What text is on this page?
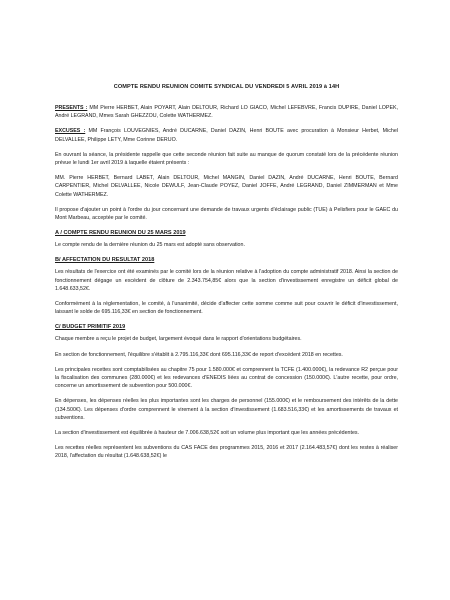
COMPTE RENDU REUNION COMITE SYNDICAL DU VENDREDI 5 AVRIL 2019 à 14H

PRESENTS : MM Pierre HERBET, Alain POYART, Alain DELTOUR, Richard LO GIACO, Michel LEFEBVRE, Francis DUPIRE, Daniel LOPEK, André LEGRAND, Mmes Sarah GHEZZOU, Colette WATHERMEZ.

EXCUSES : MM François LOUVEGNIES, André DUCARNE, Daniel DAZIN, Henri BOUTE avec procuration à Monsieur Herbet, Michel DELVALLEE, Philippe LETY, Mme Corinne DERUO.

En ouvrant la séance, la présidente rappelle que cette seconde réunion fait suite au manque de quorum constaté lors de la précédente réunion prévue le lundi 1er avril 2019 à laquelle étaient présents :

MM. Pierre HERBET, Bernard LABET, Alain DELTOUR, Michel MANGIN, Daniel DAZIN, André DUCARNE, Henri BOUTE, Bernard CARPENTIER, Michel DELVALLEE, Nicole DEWULF, Jean-Claude POYEZ, Daniel JOFFE, André LEGRAND, Daniel ZIMMERMAN et Mme Colette WATHERMEZ.

Il propose d'ajouter un point à l'ordre du jour concernant une demande de travaux urgents d'éclairage public (TUE) à Pelisfiers pour le GAEC du Mont Marbeau, acceptée par le comité.

A / COMPTE RENDU REUNION DU 25 MARS 2019

Le compte rendu de la dernière réunion du 25 mars est adopté sans observation.

B/ AFFECTATION DU RESULTAT 2018

Les résultats de l'exercice ont été examinés par le comité lors de la réunion relative à l'adoption du compte administratif 2018. Ainsi la section de fonctionnement dégage un excédent de clôture de 2.343.754,85€ alors que la section d'investissement enregistre un déficit global de 1.648.633,52€.

Conformément à la réglementation, le comité, à l'unanimité, décide d'affecter cette somme comme suit pour couvrir le déficit d'investissement, laissant le solde de 695.116,33€ en section de fonctionnement.

C/ BUDGET PRIMITIF 2019

Chaque membre a reçu le projet de budget, largement évoqué dans le rapport d'orientations budgétaires.

En section de fonctionnement, l'équilibre s'établit à 2.795.116,33€ dont 695.116,33€ de report d'excédent 2018 en recettes.

Les principales recettes sont comptabilisées au chapitre 75 pour 1.580.000€ et comprennent la TCFE (1.400.000€), la redevance R2 perçue pour la fiscalisation des communes (280.000€) et les redevances d'ENEDIS liées au contrat de concession (150.000€). L'autre recette, pour ordre, concerne un amortissement de subvention pour 500.000€.

En dépenses, les dépenses réelles les plus importantes sont les charges de personnel (155.000€) et le remboursement des intérêts de la dette (134.500€). Les dépenses d'ordre comprennent le virement à la section d'investissement (1.683.516,33€) et les amortissements de travaux et subventions.

La section d'investissement est équilibrée à hauteur de 7.006.638,52€ soit un volume plus important que les années précédentes.

Les recettes réelles représentent les subventions du CAS FACE des programmes 2015, 2016 et 2017 (2.164.483,57€) dont les restes à réaliser 2018, l'affectation du résultat (1.648.638,52€) le
